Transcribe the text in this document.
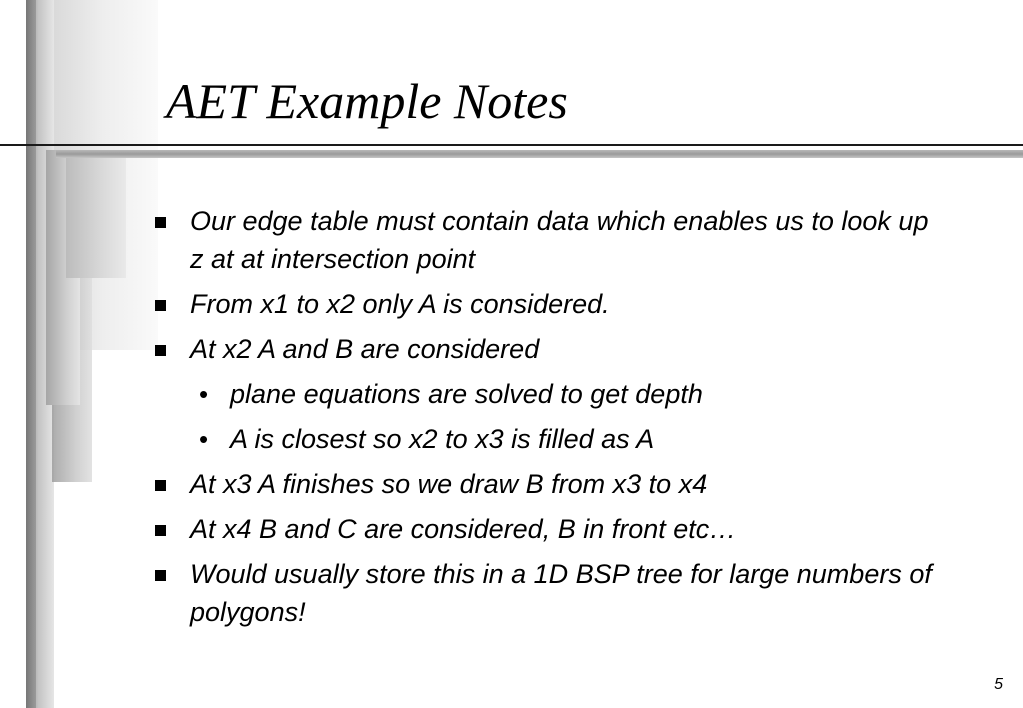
AET Example Notes
Our edge table must contain data which enables us to look up z at at intersection point
From x1 to x2 only A is considered.
At x2 A and B are considered
• plane equations are solved to get depth
• A is closest so x2 to x3 is filled as A
At x3 A finishes so we draw B from x3 to x4
At x4 B and C are considered, B in front etc…
Would usually store this in a 1D BSP tree for large numbers of polygons!
5
